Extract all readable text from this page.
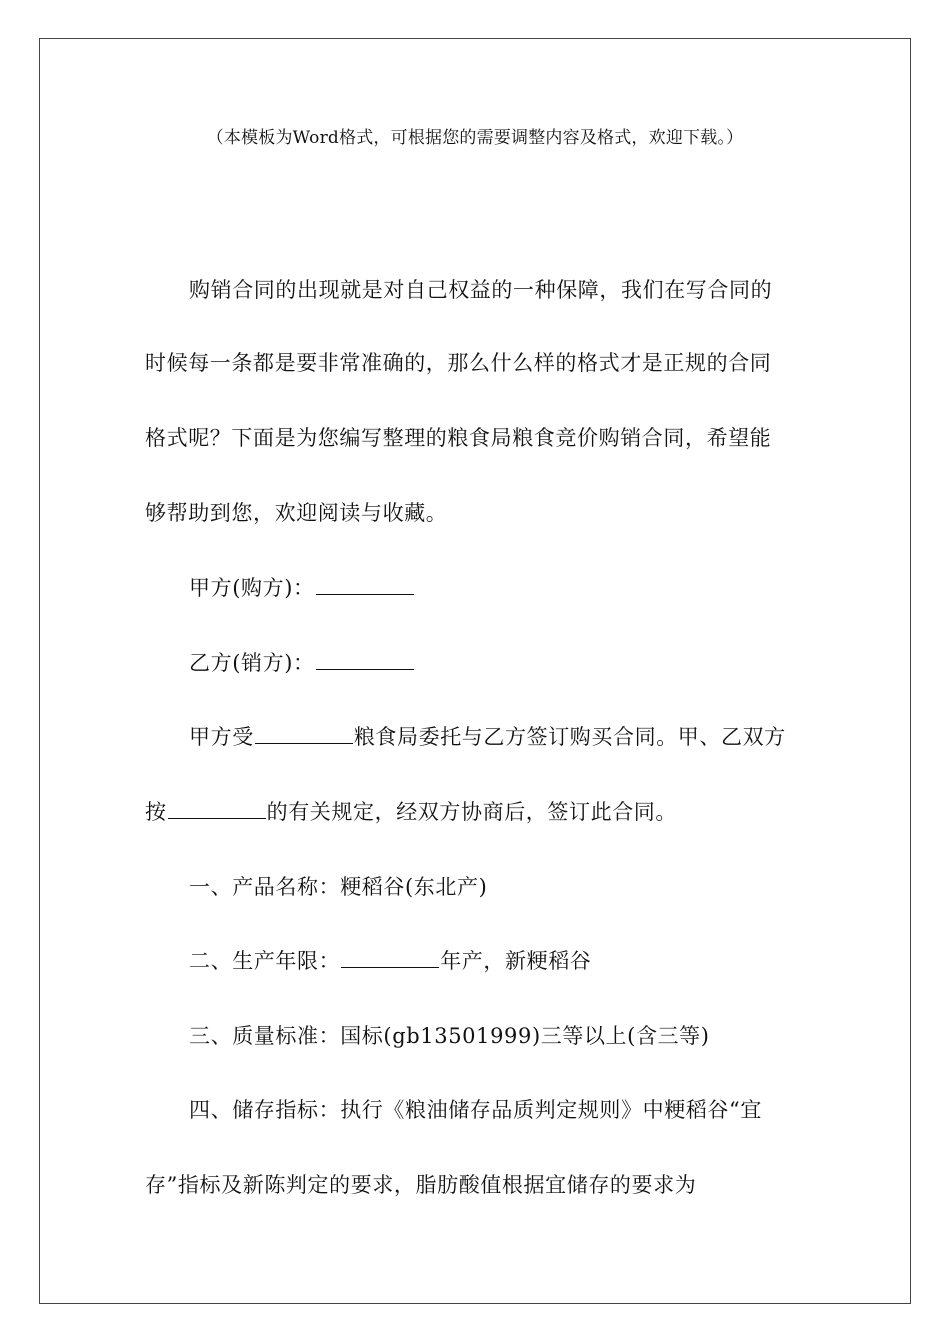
（本模板为Word格式，可根据您的需要调整内容及格式，欢迎下载。）
购销合同的出现就是对自己权益的一种保障，我们在写合同的
时候每一条都是要非常准确的，那么什么样的格式才是正规的合同
格式呢？下面是为您编写整理的粮食局粮食竞价购销合同，希望能
够帮助到您，欢迎阅读与收藏。
甲方(购方)：
乙方(销方)：
甲方受	粮食局委托与乙方签订购买合同。甲、乙双方
按	的有关规定，经双方协商后，签订此合同。
一、产品名称：粳稻谷(东北产)
二、生产年限：	年产，新粳稻谷
三、质量标准：国标(gb13501999)三等以上(含三等)
四、储存指标：执行《粮油储存品质判定规则》中粳稻谷“宜
存”指标及新陈判定的要求，脂肪酸值根据宜储存的要求为
